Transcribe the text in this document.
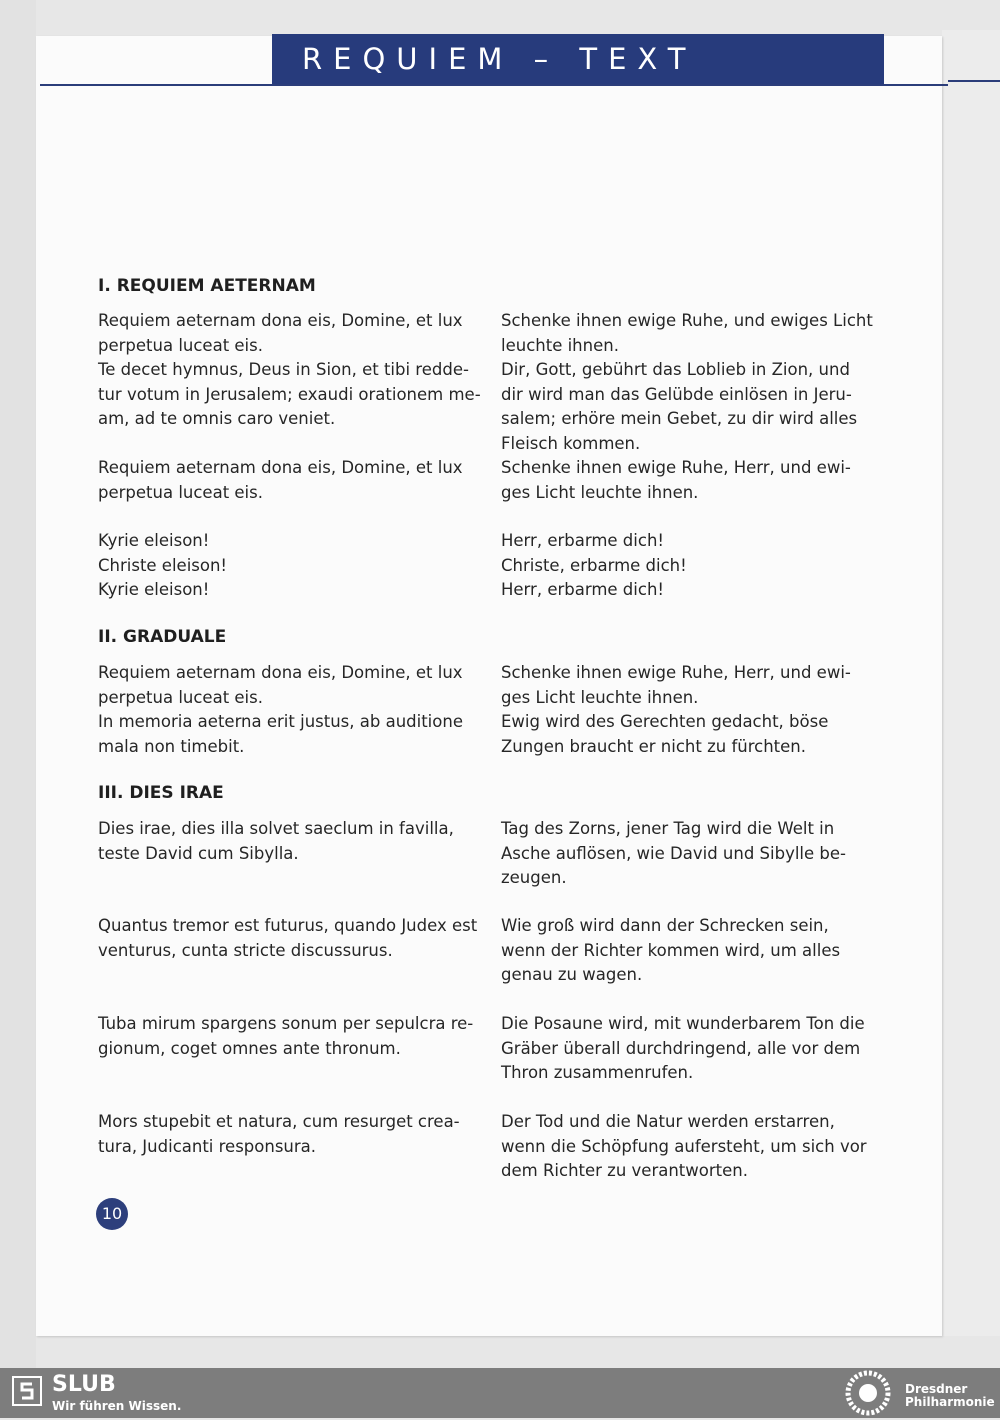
REQUIEM – TEXT
I. REQUIEM AETERNAM
Requiem aeternam dona eis, Domine, et lux
perpetua luceat eis.
Te decet hymnus, Deus in Sion, et tibi redde-
tur votum in Jerusalem; exaudi orationem me-
am, ad te omnis caro veniet.
Schenke ihnen ewige Ruhe, und ewiges Licht
leuchte ihnen.
Dir, Gott, gebührt das Loblieb in Zion, und
dir wird man das Gelübde einlösen in Jeru-
salem; erhöre mein Gebet, zu dir wird alles
Fleisch kommen.
Requiem aeternam dona eis, Domine, et lux
perpetua luceat eis.
Schenke ihnen ewige Ruhe, Herr, und ewi-
ges Licht leuchte ihnen.
Kyrie eleison!
Christe eleison!
Kyrie eleison!
Herr, erbarme dich!
Christe, erbarme dich!
Herr, erbarme dich!
II. GRADUALE
Requiem aeternam dona eis, Domine, et lux
perpetua luceat eis.
In memoria aeterna erit justus, ab auditione
mala non timebit.
Schenke ihnen ewige Ruhe, Herr, und ewi-
ges Licht leuchte ihnen.
Ewig wird des Gerechten gedacht, böse
Zungen braucht er nicht zu fürchten.
III. DIES IRAE
Dies irae, dies illa solvet saeclum in favilla,
teste David cum Sibylla.
Tag des Zorns, jener Tag wird die Welt in
Asche auflösen, wie David und Sibylle be-
zeugen.
Quantus tremor est futurus, quando Judex est
venturus, cunta stricte discussurus.
Wie groß wird dann der Schrecken sein,
wenn der Richter kommen wird, um alles
genau zu wagen.
Tuba mirum spargens sonum per sepulcra re-
gionum, coget omnes ante thronum.
Die Posaune wird, mit wunderbarem Ton die
Gräber überall durchdringend, alle vor dem
Thron zusammenrufen.
Mors stupebit et natura, cum resurget crea-
tura, Judicanti responsura.
Der Tod und die Natur werden erstarren,
wenn die Schöpfung aufersteht, um sich vor
dem Richter zu verantworten.
10
SLUB
Wir führen Wissen.
Dresdner
Philharmonie
